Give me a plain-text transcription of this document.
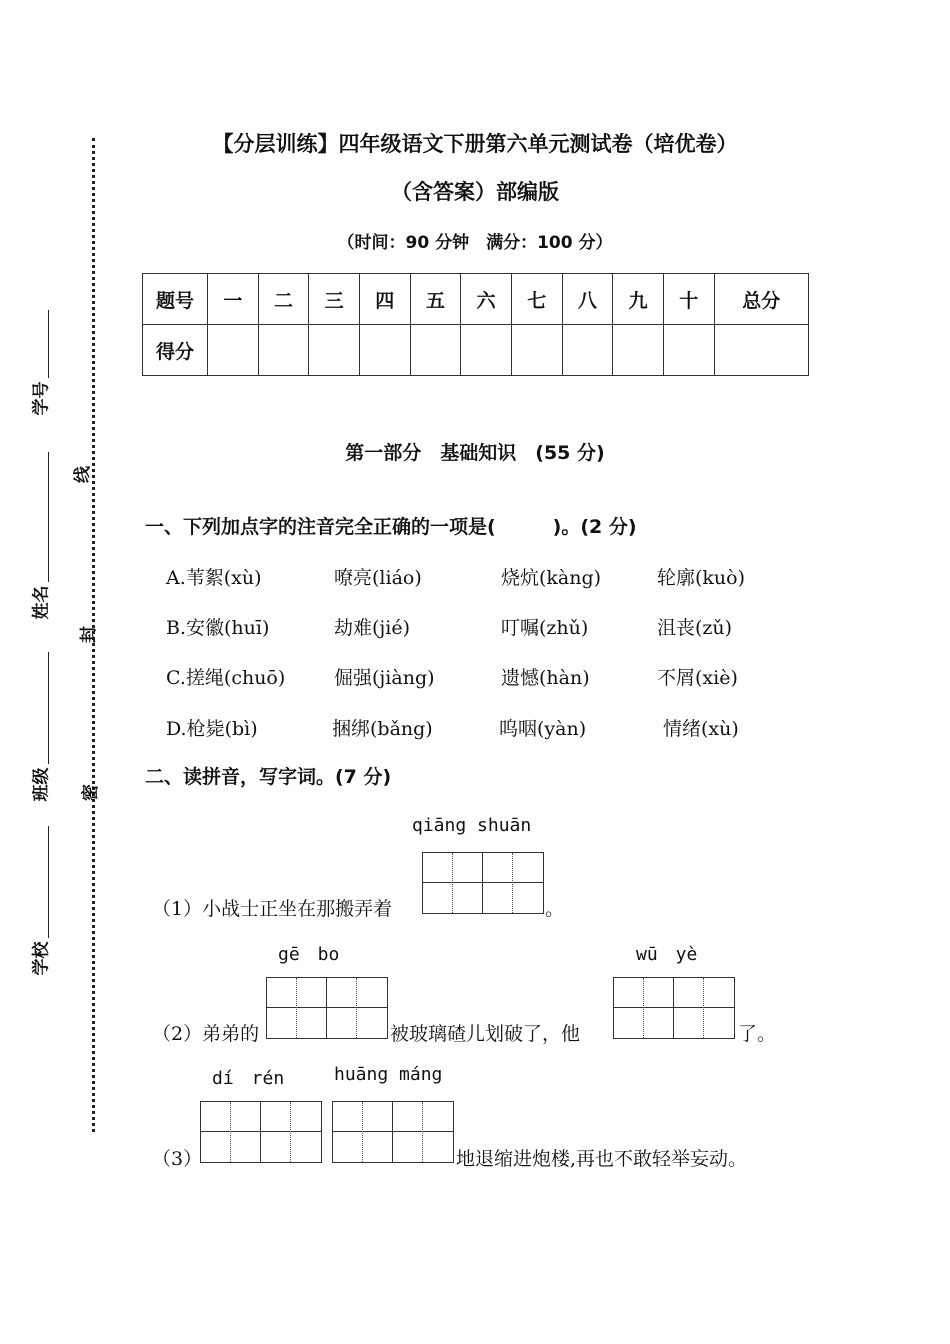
线
封
密
学号
姓名
班级
学校
【分层训练】四年级语文下册第六单元测试卷（培优卷）
（含答案）部编版
（时间：90 分钟　满分：100 分）
题号	一	二	三	四	五	六	七	八	九	十	总分
得分											
第一部分　基础知识　(55 分)
一、下列加点字的注音完全正确的一项是(　　　)。(2 分)
A.苇絮(xù)	嘹亮(liáo)	烧炕(kàng)	轮廓(kuò)
B.安徽(huī)	劫难(jié)	叮嘱(zhǔ)	沮丧(zǔ)
C.搓绳(chuō)	倔强(jiàng)	遗憾(hàn)	不屑(xiè)
D.枪毙(bì)	捆绑(bǎng)	呜咽(yàn)	情绪(xù)
二、读拼音，写字词。(7 分)
qiāng shuān
（1）小战士正坐在那搬弄着	。
gē　bo	wū　yè
（2）弟弟的	被玻璃碴儿划破了，他	了。
dí　rén	huāng máng
（3）	地退缩进炮楼,再也不敢轻举妄动。
